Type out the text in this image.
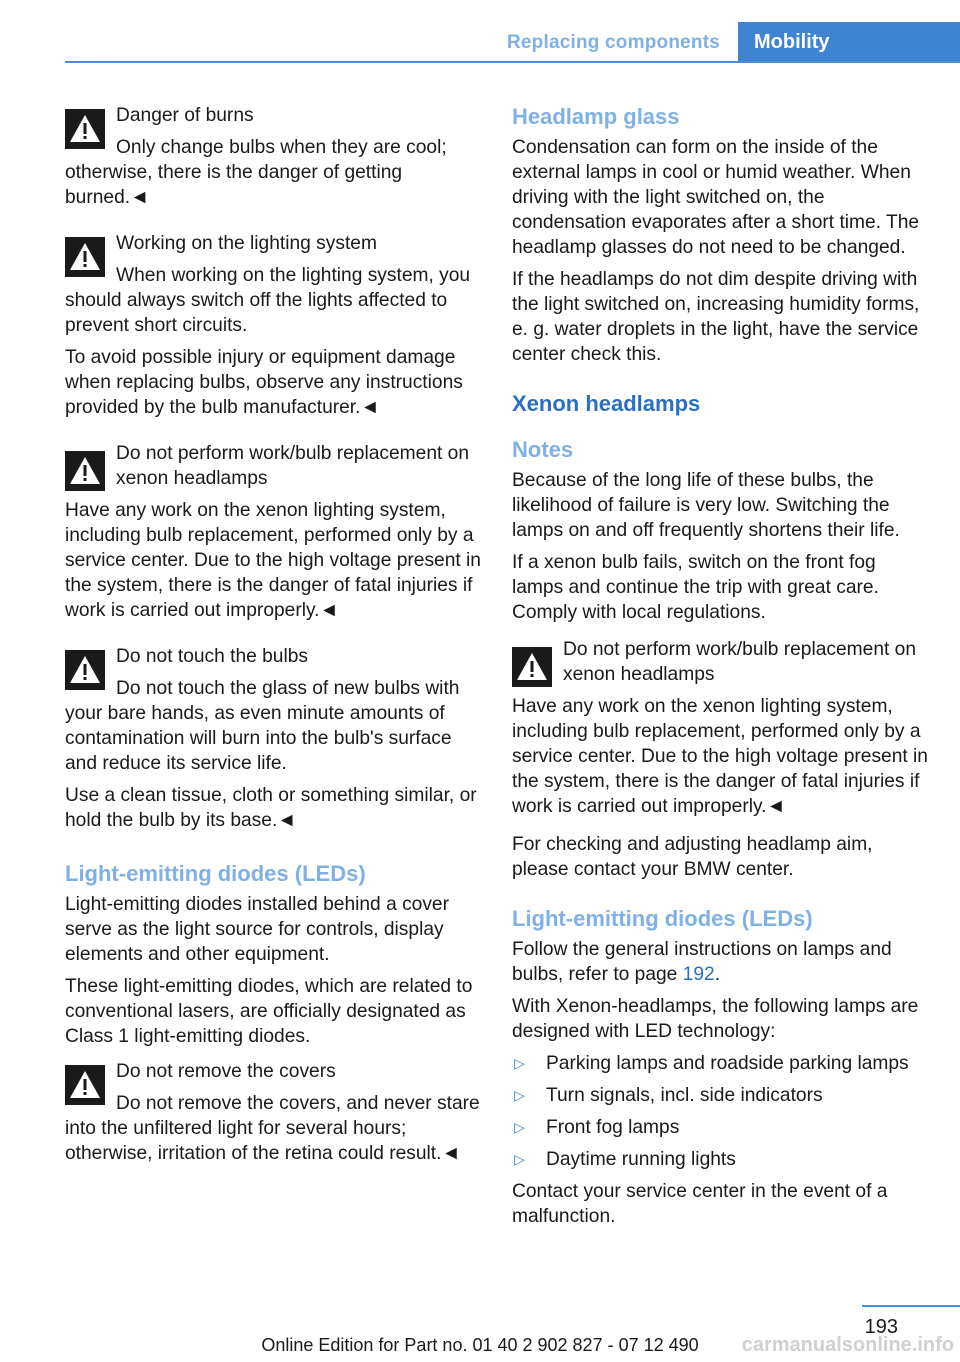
Replacing components	Mobility

Danger of burns

Only change bulbs when they are cool; otherwise, there is the danger of getting burned.◄

Working on the lighting system

When working on the lighting system, you should always switch off the lights affected to prevent short circuits.

To avoid possible injury or equipment damage when replacing bulbs, observe any instructions provided by the bulb manufacturer.◄

Do not perform work/bulb replacement on xenon headlamps

Have any work on the xenon lighting system, including bulb replacement, performed only by a service center. Due to the high voltage present in the system, there is the danger of fatal injuries if work is carried out improperly.◄

Do not touch the bulbs

Do not touch the glass of new bulbs with your bare hands, as even minute amounts of contamination will burn into the bulb's surface and reduce its service life.

Use a clean tissue, cloth or something similar, or hold the bulb by its base.◄

Light-emitting diodes (LEDs)

Light-emitting diodes installed behind a cover serve as the light source for controls, display elements and other equipment.

These light-emitting diodes, which are related to conventional lasers, are officially designated as Class 1 light-emitting diodes.

Do not remove the covers

Do not remove the covers, and never stare into the unfiltered light for several hours; otherwise, irritation of the retina could result.◄

Headlamp glass

Condensation can form on the inside of the external lamps in cool or humid weather. When driving with the light switched on, the condensation evaporates after a short time. The headlamp glasses do not need to be changed.

If the headlamps do not dim despite driving with the light switched on, increasing humidity forms, e. g. water droplets in the light, have the service center check this.

Xenon headlamps
Notes

Because of the long life of these bulbs, the likelihood of failure is very low. Switching the lamps on and off frequently shortens their life.

If a xenon bulb fails, switch on the front fog lamps and continue the trip with great care. Comply with local regulations.

Do not perform work/bulb replacement on xenon headlamps

Have any work on the xenon lighting system, including bulb replacement, performed only by a service center. Due to the high voltage present in the system, there is the danger of fatal injuries if work is carried out improperly.◄

For checking and adjusting headlamp aim, please contact your BMW center.

Light-emitting diodes (LEDs)

Follow the general instructions on lamps and bulbs, refer to page 192.

With Xenon-headlamps, the following lamps are designed with LED technology:

▷ Parking lamps and roadside parking lamps
▷ Turn signals, incl. side indicators
▷ Front fog lamps
▷ Daytime running lights

Contact your service center in the event of a malfunction.

193
Online Edition for Part no. 01 40 2 902 827 - 07 12 490	carmanualsonline.info
